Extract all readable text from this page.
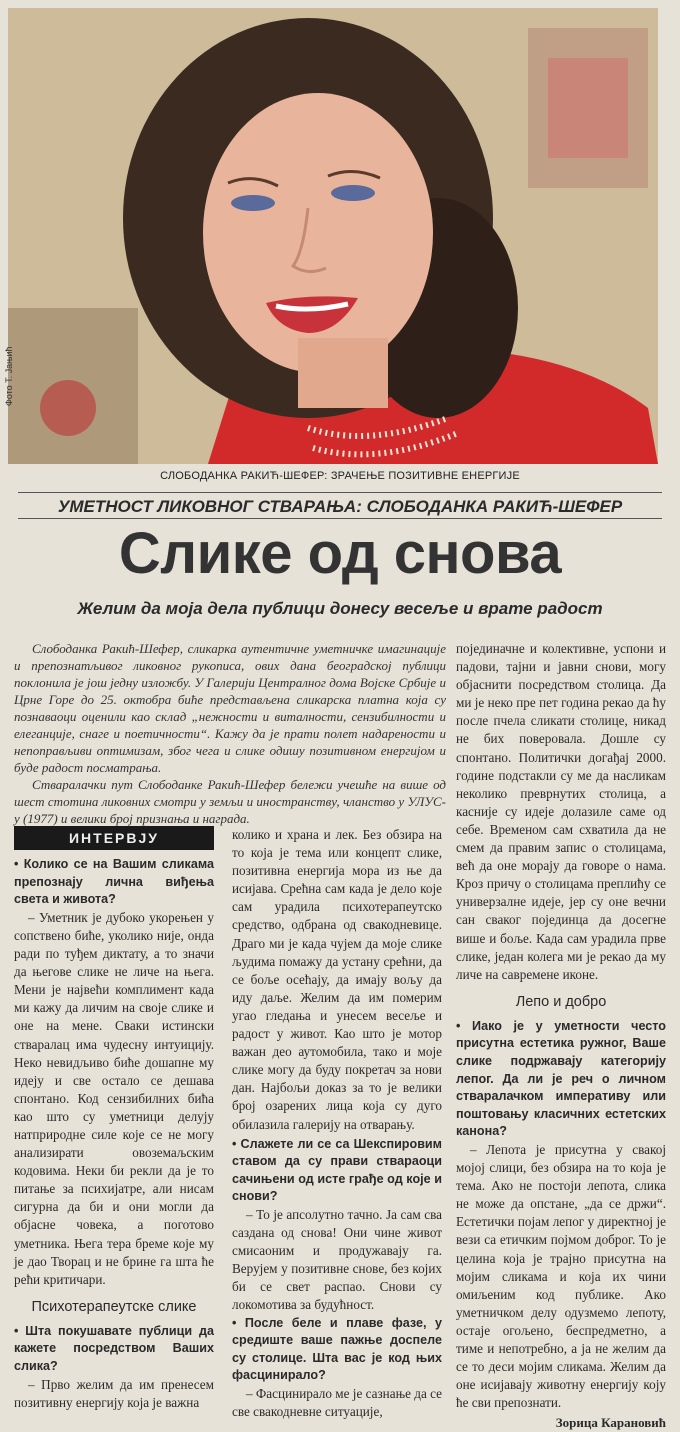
Фото Т. Јањић
СЛОБОДАНКА РАКИЋ-ШЕФЕР: ЗРАЧЕЊЕ ПОЗИТИВНЕ ЕНЕРГИЈЕ
УМЕТНОСТ ЛИКОВНОГ СТВАРАЊА: СЛОБОДАНКА РАКИЋ-ШЕФЕР
Слике од снова
Желим да моја дела публици донесу весеље и врате радост

Слободанка Ракић-Шефер, сликарка аутентичне уметничке имагинације и препознатљивог ликовног рукописа, ових дана београдској публици поклонила је још једну изложбу. У Галерији Централног дома Војске Србије и Црне Горе до 25. октобра биће представљена сликарска платна која су познаваоци оценили као склад „нежности и виталности, сензибилности и елеганције, снаге и поетичности“. Кажу да је прати полет надарености и непоправљиви оптимизам, због чега и слике одишу позитивном енергијом и буде радост посматрања.

Стваралачки пут Слободанке Ракић-Шефер бележи учешће на више од шест стотина ликовних смотри у земљи и иностранству, чланство у УЛУС-у (1977) и велики број признања и награда.

ИНТЕРВЈУ

• Колико се на Вашим сликама препознају лична виђења света и живота?

– Уметник је дубоко укорењен у сопствено биће, уколико није, онда ради по туђем диктату, а то значи да његове слике не личе на њега. Мени је највећи комплимент када ми кажу да личим на своје слике и оне на мене. Сваки истински стваралац има чудесну интуицију. Неко невидљиво биће дошапне му идеју и све остало се дешава спонтано. Код сензибилних бића као што су уметници делују натприродне силе које се не могу анализирати овоземаљским кодовима. Неки би рекли да је то питање за психијатре, али нисам сигурна да би и они могли да објасне човека, а поготово уметника. Њега тера бреме које му је дао Творац и не брине га шта ће рећи критичари.

Психотерапеутске слике

• Шта покушавате публици да кажете посредством Ваших слика?

– Прво желим да им пренесем позитивну енергију која је важна

колико и храна и лек. Без обзира на то која је тема или концепт слике, позитивна енергија мора из ње да исијава. Срећна сам када је дело које сам урадила психотерапеутско средство, одбрана од свакодневице. Драго ми је када чујем да моје слике људима помажу да устану срећни, да се боље осећају, да имају вољу да иду даље. Желим да им померим угао гледања и унесем весеље и радост у живот. Као што је мотор важан део аутомобила, тако и моје слике могу да буду покретач за нови дан. Најбољи доказ за то је велики број озарених лица која су дуго обилазила галерију на отварању.

• Слажете ли се са Шекспировим ставом да су прави ствараоци сачињени од исте грађе од које и снови?

– То је апсолутно тачно. Ја сам сва саздана од снова! Они чине живот смисаоним и продужавају га. Верујем у позитивне снове, без којих би се свет распао. Снови су локомотива за будућност.

• После беле и плаве фазе, у средиште ваше пажње доспеле су столице. Шта вас је код њих фасцинирало?

– Фасцинирало ме је сазнање да се све свакодневне ситуације,

појединачне и колективне, успони и падови, тајни и јавни снови, могу објаснити посредством столица. Да ми је неко пре пет година рекао да ћу после пчела сликати столице, никад не бих поверовала. Дошле су спонтано. Политички догађај 2000. године подстакли су ме да насликам неколико преврнутих столица, а касније су идеје долазиле саме од себе. Временом сам схватила да не смем да правим запис о столицама, већ да оне морају да говоре о нама. Кроз причу о столицама преплићу се универзалне идеје, јер су оне вечни сан сваког појединца да досегне више и боље. Када сам урадила прве слике, један колега ми је рекао да му личе на савремене иконе.

Лепо и добро

• Иако је у уметности често присутна естетика ружног, Ваше слике подржавају категорију лепог. Да ли је реч о личном стваралачком императиву или поштовању класичних естетских канона?

– Лепота је присутна у свакој мојој слици, без обзира на то која је тема. Ако не постоји лепота, слика не може да опстане, „да се држи“. Естетички појам лепог у директној је вези са етичким појмом доброг. То је целина која је трајно присутна на мојим сликама и која их чини омиљеним код публике. Ако уметничком делу одузмемо лепоту, остаје огољено, беспредметно, а тиме и непотребно, а ја не желим да се то деси мојим сликама. Желим да оне исијавају животну енергију коју ће сви препознати.

Зорица Карановић
